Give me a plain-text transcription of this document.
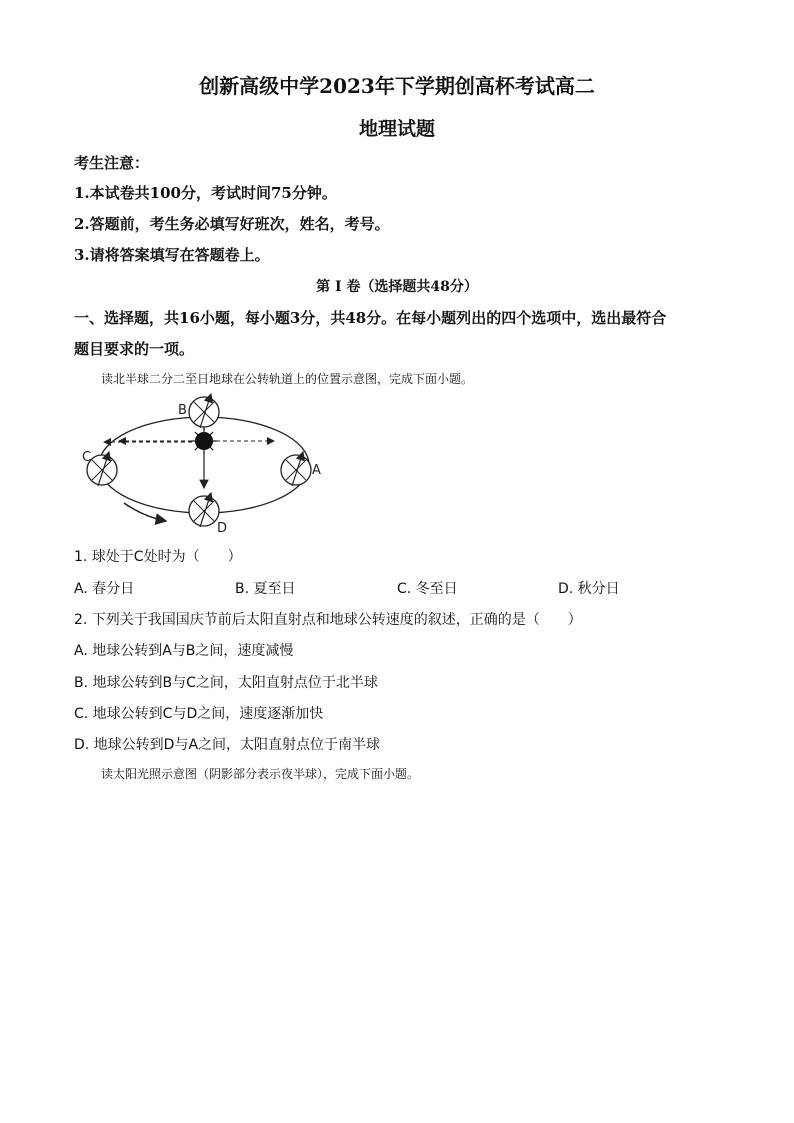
创新高级中学2023年下学期创高杯考试高二
地理试题
考生注意：
1.本试卷共100分，考试时间75分钟。
2.答题前，考生务必填写好班次，姓名，考号。
3.请将答案填写在答题卷上。
第 I 卷（选择题共48分）
一、选择题，共16小题，每小题3分，共48分。在每小题列出的四个选项中，选出最符合
题目要求的一项。
读北半球二分二至日地球在公转轨道上的位置示意图，完成下面小题。
B
C
A
D
1. 球处于C处时为（　　）
A. 春分日	B. 夏至日	C. 冬至日	D. 秋分日
2. 下列关于我国国庆节前后太阳直射点和地球公转速度的叙述，正确的是（　　）
A. 地球公转到A与B之间，速度减慢
B. 地球公转到B与C之间，太阳直射点位于北半球
C. 地球公转到C与D之间，速度逐渐加快
D. 地球公转到D与A之间，太阳直射点位于南半球
读太阳光照示意图（阴影部分表示夜半球），完成下面小题。
